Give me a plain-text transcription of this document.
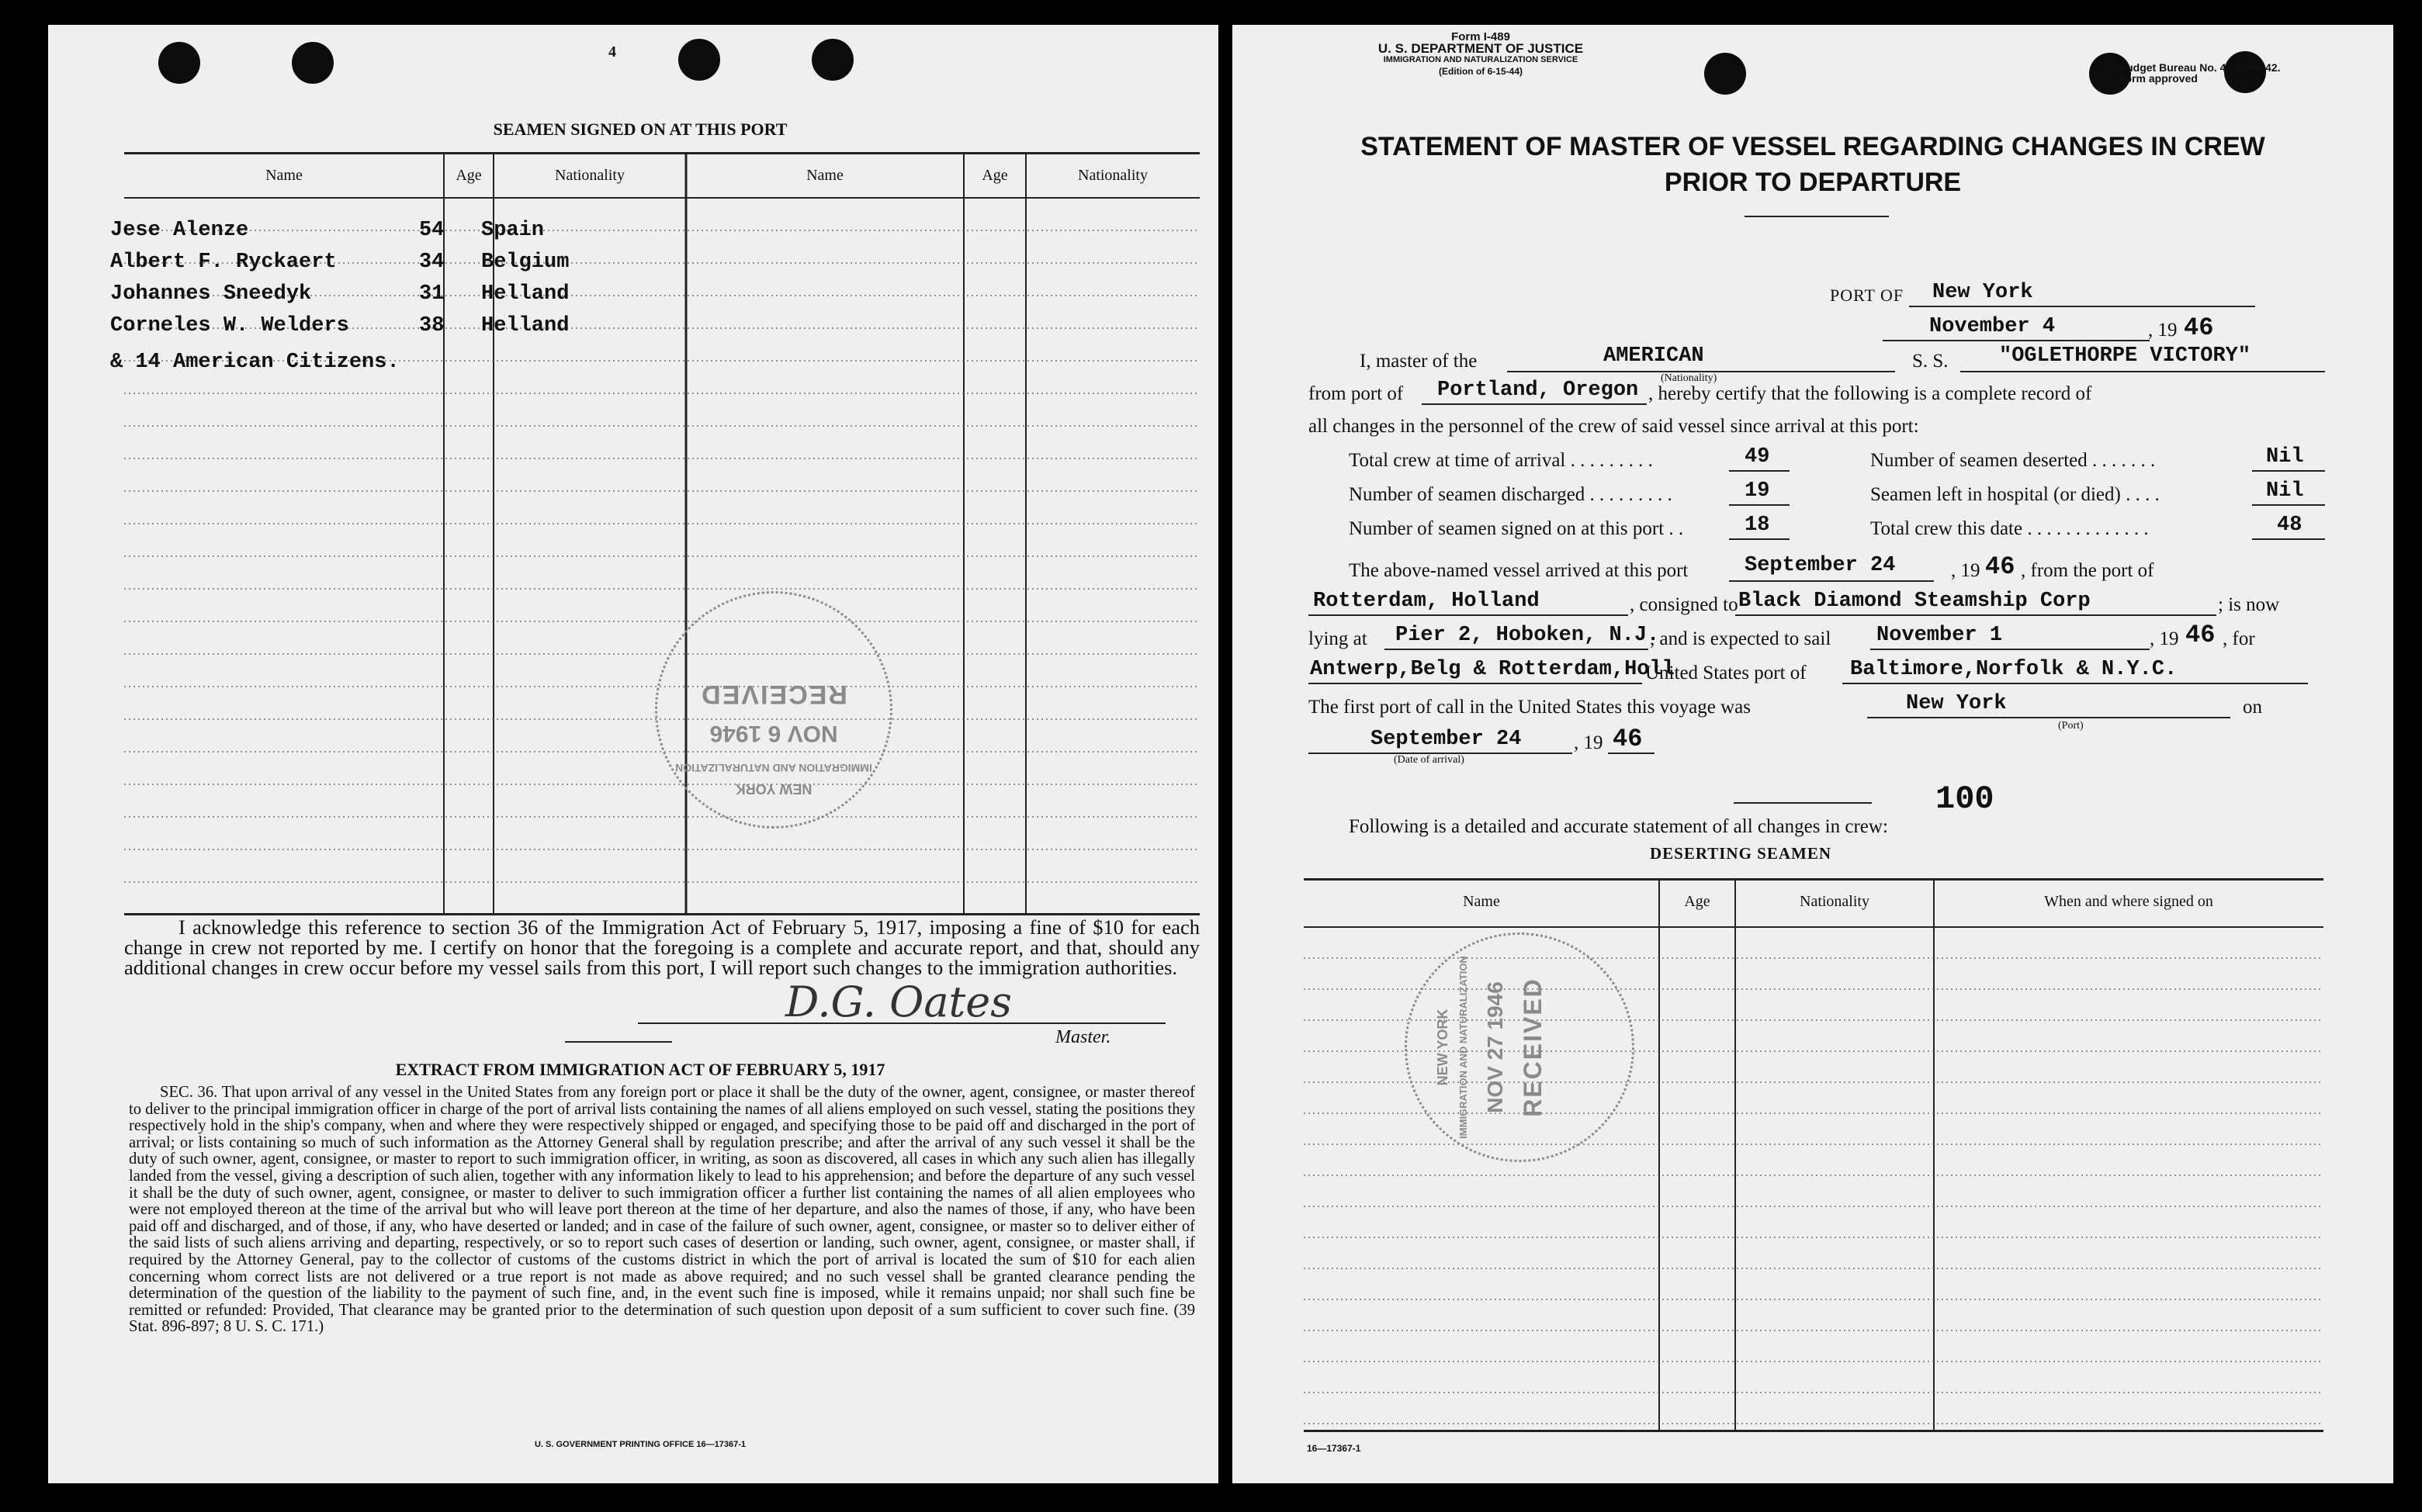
4
SEAMEN SIGNED ON AT THIS PORT
Name	Age	Nationality	Name	Age	Nationality
Jese Alenze	54 Spain
Albert F. Ryckaert	34 Belgium
Johannes Sneedyk	31 Helland
Corneles W. Welders	38 Helland
& 14 American Citizens.
NEW YORK
IMMIGRATION AND NATURALIZATION
NOV 6 1946
RECEIVED
I acknowledge this reference to section 36 of the Immigration Act of February 5, 1917, imposing a fine of $10 for each change in crew not reported by me. I certify on honor that the foregoing is a complete and accurate report, and that, should any additional changes in crew occur before my vessel sails from this port, I will report such changes to the immigration authorities.
D.G. Oates
Master.
EXTRACT FROM IMMIGRATION ACT OF FEBRUARY 5, 1917
SEC. 36. That upon arrival of any vessel in the United States from any foreign port or place it shall be the duty of the owner, agent, consignee, or master thereof to deliver to the principal immigration officer in charge of the port of arrival lists containing the names of all aliens employed on such vessel, stating the positions they respectively hold in the ship's company, when and where they were respectively shipped or engaged, and specifying those to be paid off and discharged in the port of arrival; or lists containing so much of such information as the Attorney General shall by regulation prescribe; and after the arrival of any such vessel it shall be the duty of such owner, agent, consignee, or master to report to such immigration officer, in writing, as soon as discovered, all cases in which any such alien has illegally landed from the vessel, giving a description of such alien, together with any information likely to lead to his apprehension; and before the departure of any such vessel it shall be the duty of such owner, agent, consignee, or master to deliver to such immigration officer a further list containing the names of all alien employees who were not employed thereon at the time of the arrival but who will leave port thereon at the time of her departure, and also the names of those, if any, who have been paid off and discharged, and of those, if any, who have deserted or landed; and in case of the failure of such owner, agent, consignee, or master so to deliver either of the said lists of such aliens arriving and departing, respectively, or so to report such cases of desertion or landing, such owner, agent, consignee, or master shall, if required by the Attorney General, pay to the collector of customs of the customs district in which the port of arrival is located the sum of $10 for each alien concerning whom correct lists are not delivered or a true report is not made as above required; and no such vessel shall be granted clearance pending the determination of the question of the liability to the payment of such fine, and, in the event such fine is imposed, while it remains unpaid; nor shall such fine be remitted or refunded: Provided, That clearance may be granted prior to the determination of such question upon deposit of a sum sufficient to cover such fine. (39 Stat. 896-897; 8 U. S. C. 171.)
U. S. GOVERNMENT PRINTING OFFICE 16—17367-1
Form I-489
U. S. DEPARTMENT OF JUSTICE
IMMIGRATION AND NATURALIZATION SERVICE
(Edition of 6-15-44)	Budget Bureau No. 43-R066-42.
Form approved
STATEMENT OF MASTER OF VESSEL REGARDING CHANGES IN CREW
PRIOR TO DEPARTURE
PORT OF New York
November 4	, 19 46
I, master of the	AMERICAN
(Nationality)
S. S. "OGLETHORPE VICTORY"
from port of Portland, Oregon , hereby certify that the following is a complete record of
all changes in the personnel of the crew of said vessel since arrival at this port:
Total crew at time of arrival . . . . . . . . .	49	Number of seamen deserted . . . . . . .	Nil
Number of seamen discharged . . . . . . . . .	19	Seamen left in hospital (or died) . . . .	Nil
Number of seamen signed on at this port . .	18	Total crew this date . . . . . . . . . . . . .	48
The above-named vessel arrived at this port	September 24	, 19 46 , from the port of
Rotterdam, Holland	, consigned to Black Diamond Steamship Corp	; is now
lying at Pier 2, Hoboken, N.J.
, and is expected to sail November 1	, 19 46 , for
Antwerp,Belg & Rotterdam,Holl
United States port of Baltimore,Norfolk & N.Y.C.
The first port of call in the United States this voyage was	New York
(Port)
on
September 24
(Date of arrival)
, 19 46
100
Following is a detailed and accurate statement of all changes in crew:
DESERTING SEAMEN
Name	Age	Nationality	When and where signed on
NEW YORK IMMIGRATION AND NATURALIZATION NOV 27 1946 RECEIVED
16—17367-1
